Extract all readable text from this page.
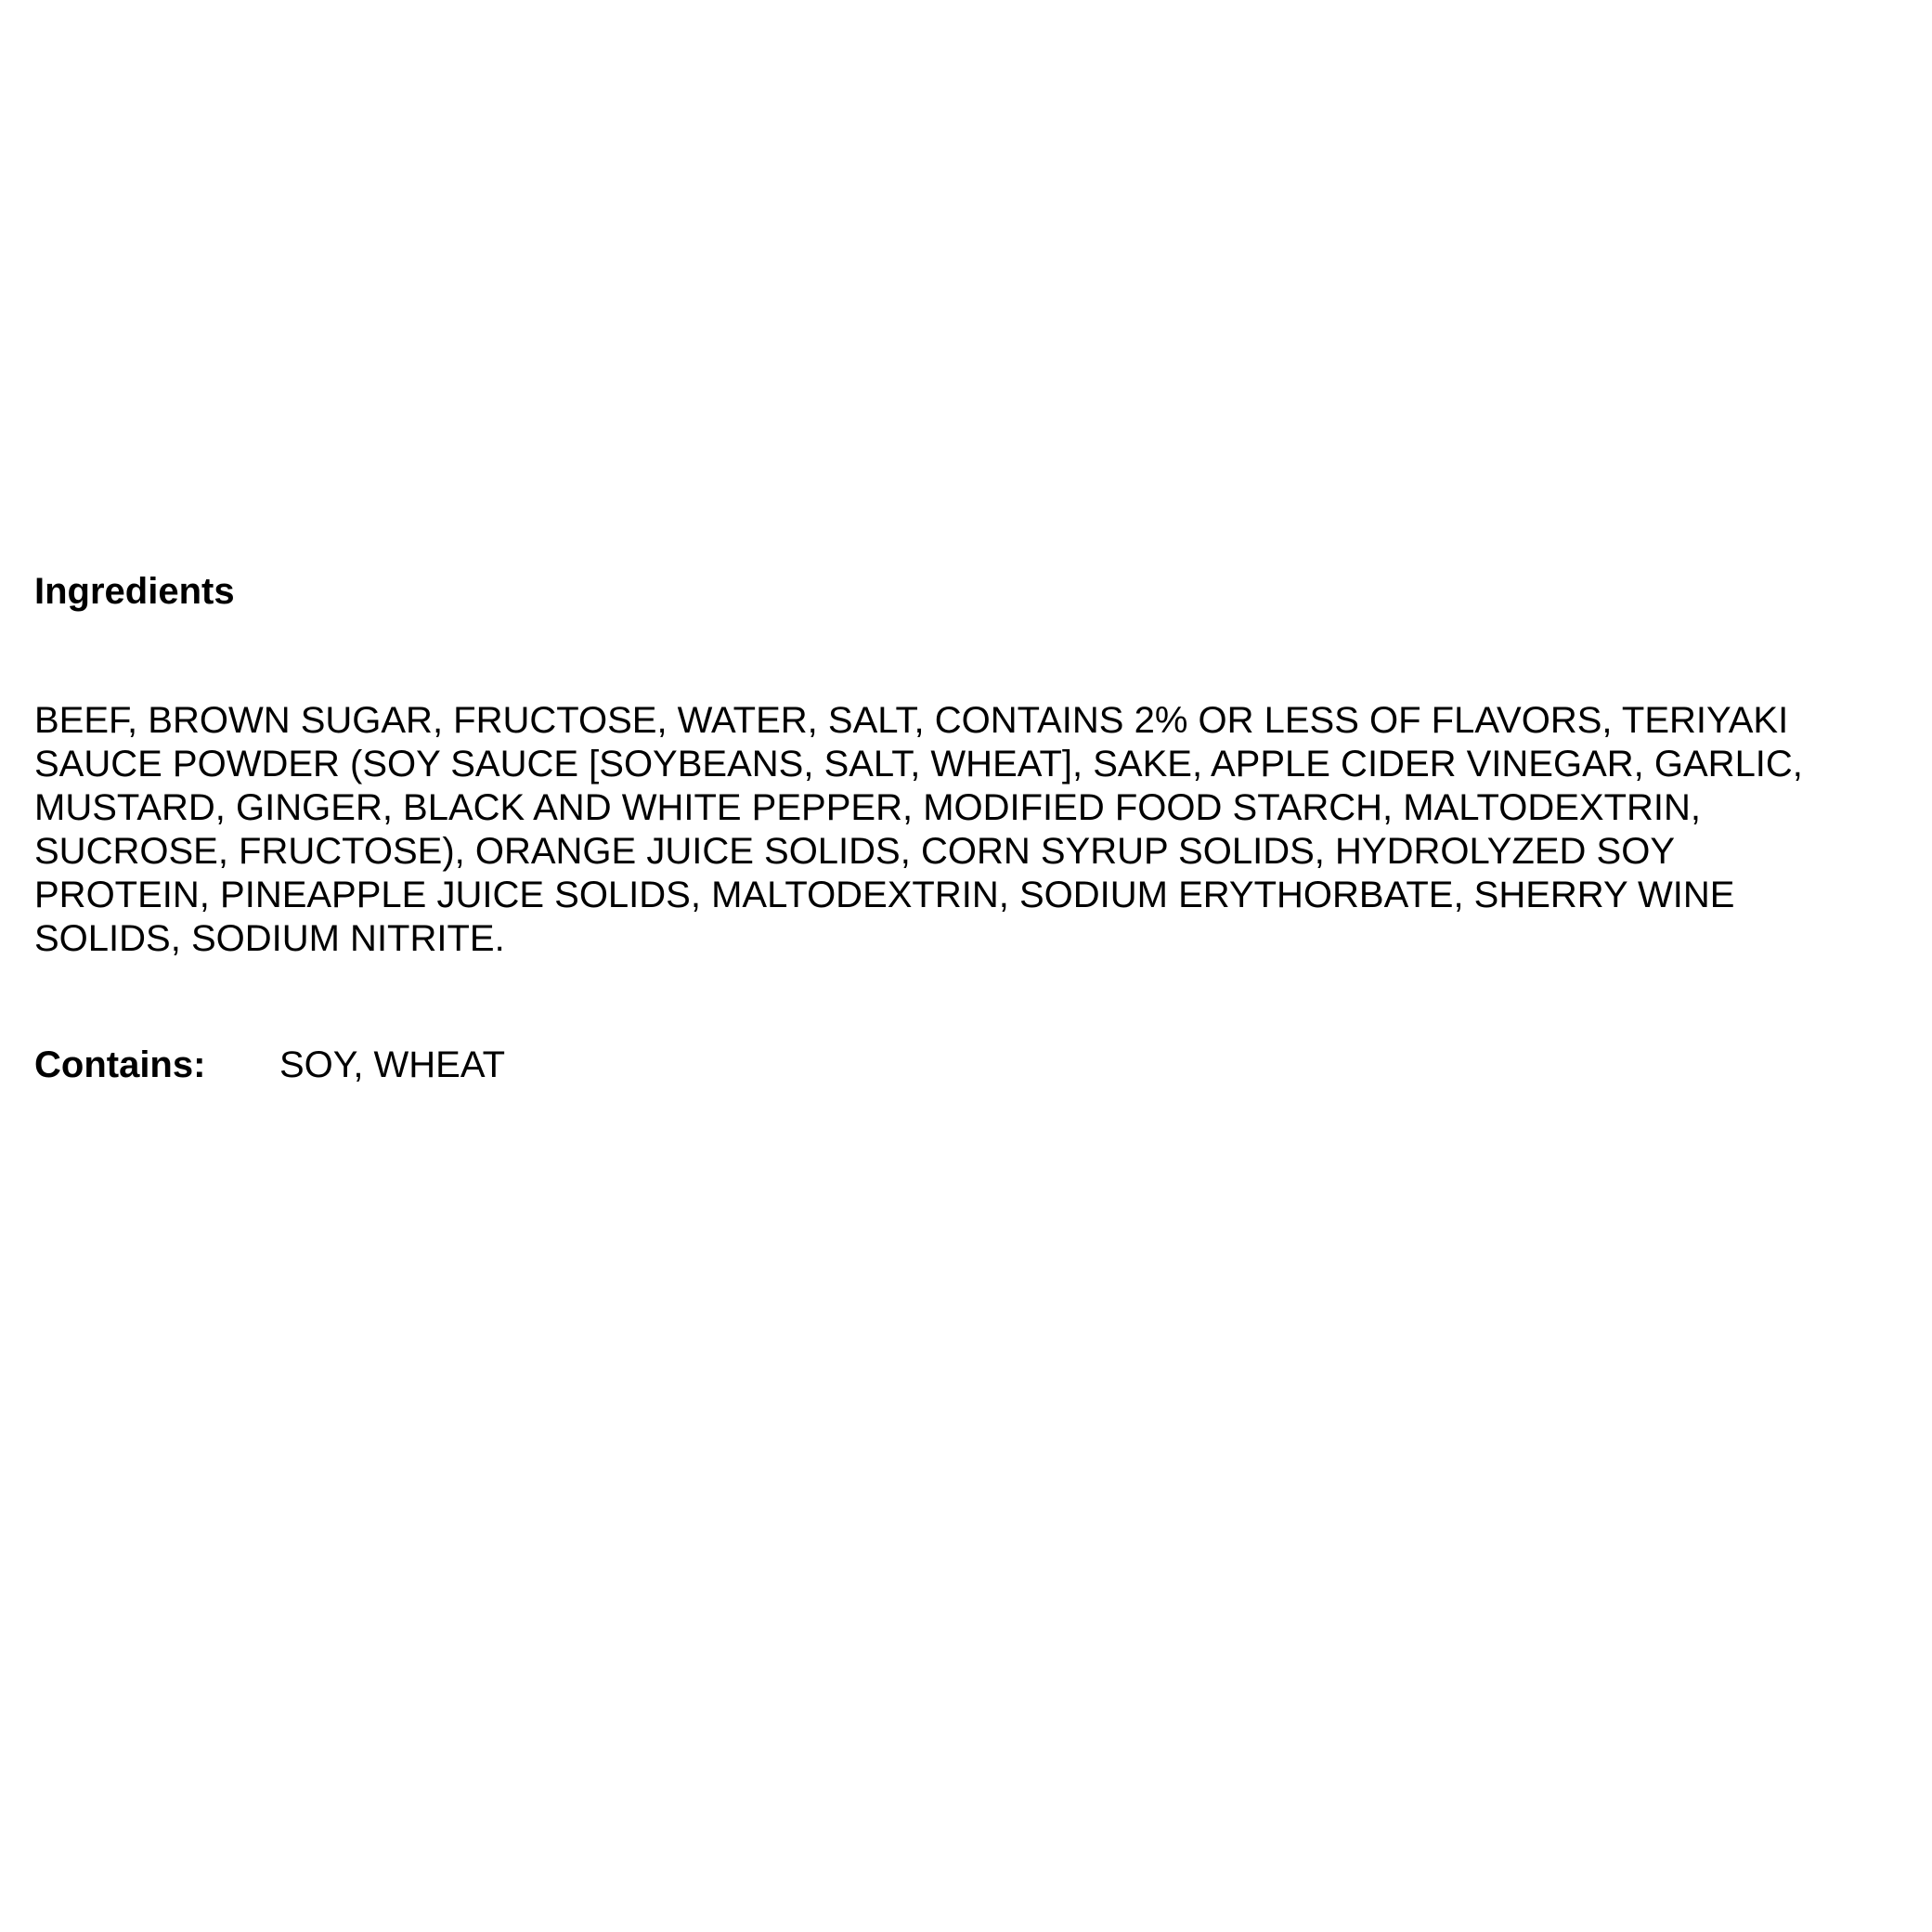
Ingredients
BEEF, BROWN SUGAR, FRUCTOSE, WATER, SALT, CONTAINS 2% OR LESS OF FLAVORS, TERIYAKI
SAUCE POWDER (SOY SAUCE [SOYBEANS, SALT, WHEAT], SAKE, APPLE CIDER VINEGAR, GARLIC,
MUSTARD, GINGER, BLACK AND WHITE PEPPER, MODIFIED FOOD STARCH, MALTODEXTRIN,
SUCROSE, FRUCTOSE), ORANGE JUICE SOLIDS, CORN SYRUP SOLIDS, HYDROLYZED SOY
PROTEIN, PINEAPPLE JUICE SOLIDS, MALTODEXTRIN, SODIUM ERYTHORBATE, SHERRY WINE
SOLIDS, SODIUM NITRITE.
Contains: SOY, WHEAT
